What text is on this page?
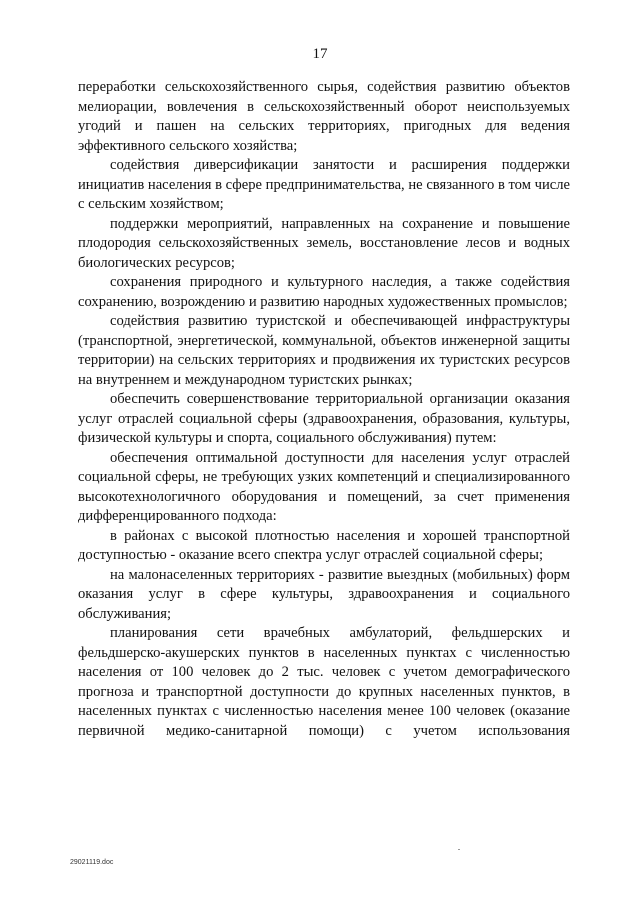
17

переработки сельскохозяйственного сырья, содействия развитию объектов мелиорации, вовлечения в сельскохозяйственный оборот неиспользуемых угодий и пашен на сельских территориях, пригодных для ведения эффективного сельского хозяйства;

содействия диверсификации занятости и расширения поддержки инициатив населения в сфере предпринимательства, не связанного в том числе с сельским хозяйством;

поддержки мероприятий, направленных на сохранение и повышение плодородия сельскохозяйственных земель, восстановление лесов и водных биологических ресурсов;

сохранения природного и культурного наследия, а также содействия сохранению, возрождению и развитию народных художественных промыслов;

содействия развитию туристской и обеспечивающей инфраструктуры (транспортной, энергетической, коммунальной, объектов инженерной защиты территории) на сельских территориях и продвижения их туристских ресурсов на внутреннем и международном туристских рынках;

обеспечить совершенствование территориальной организации оказания услуг отраслей социальной сферы (здравоохранения, образования, культуры, физической культуры и спорта, социального обслуживания) путем:

обеспечения оптимальной доступности для населения услуг отраслей социальной сферы, не требующих узких компетенций и специализированного высокотехнологичного оборудования и помещений, за счет применения дифференцированного подхода:

в районах с высокой плотностью населения и хорошей транспортной доступностью - оказание всего спектра услуг отраслей социальной сферы;

на малонаселенных территориях - развитие выездных (мобильных) форм оказания услуг в сфере культуры, здравоохранения и социального обслуживания;

планирования сети врачебных амбулаторий, фельдшерских и фельдшерско-акушерских пунктов в населенных пунктах с численностью населения от 100 человек до 2 тыс. человек с учетом демографического прогноза и транспортной доступности до крупных населенных пунктов, в населенных пунктах с численностью населения менее 100 человек (оказание первичной медико-санитарной помощи) с учетом использования

29021119.doc
